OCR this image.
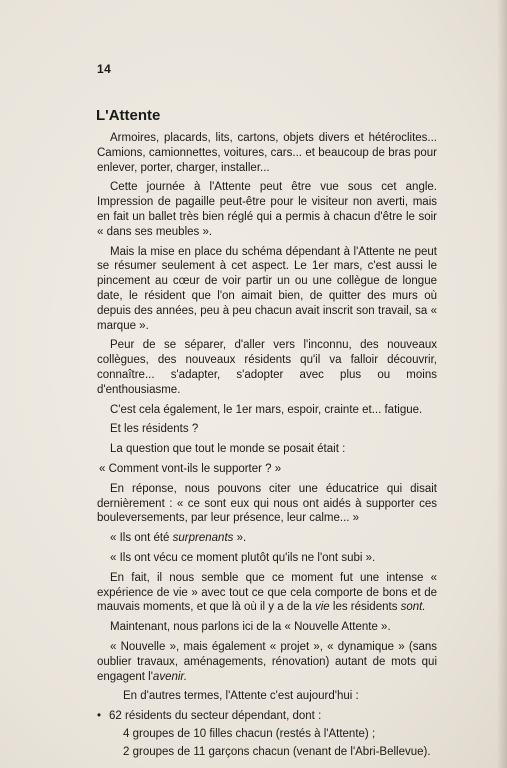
14
L'Attente

Armoires, placards, lits, cartons, objets divers et hétéroclites... Camions, camionnettes, voitures, cars... et beaucoup de bras pour enlever, porter, charger, installer...

Cette journée à l'Attente peut être vue sous cet angle. Impression de pagaille peut-être pour le visiteur non averti, mais en fait un ballet très bien réglé qui a permis à chacun d'être le soir « dans ses meubles ».

Mais la mise en place du schéma dépendant à l'Attente ne peut se résumer seulement à cet aspect. Le 1er mars, c'est aussi le pincement au cœur de voir partir un ou une collègue de longue date, le résident que l'on aimait bien, de quitter des murs où depuis des années, peu à peu chacun avait inscrit son travail, sa « marque ».

Peur de se séparer, d'aller vers l'inconnu, des nouveaux collègues, des nouveaux résidents qu'il va falloir découvrir, connaître... s'adapter, s'adopter avec plus ou moins d'enthousiasme.

C'est cela également, le 1er mars, espoir, crainte et... fatigue.

Et les résidents ?

La question que tout le monde se posait était :

« Comment vont-ils le supporter ? »

En réponse, nous pouvons citer une éducatrice qui disait dernièrement : « ce sont eux qui nous ont aidés à supporter ces bouleversements, par leur présence, leur calme... »

« Ils ont été surprenants ».

« Ils ont vécu ce moment plutôt qu'ils ne l'ont subi ».

En fait, il nous semble que ce moment fut une intense « expérience de vie » avec tout ce que cela comporte de bons et de mauvais moments, et que là où il y a de la vie les résidents sont.

Maintenant, nous parlons ici de la « Nouvelle Attente ».

« Nouvelle », mais également « projet », « dynamique » (sans oublier travaux, aménagements, rénovation) autant de mots qui engagent l'avenir.

En d'autres termes, l'Attente c'est aujourd'hui :

• 62 résidents du secteur dépendant, dont :

4 groupes de 10 filles chacun (restés à l'Attente) ;

2 groupes de 11 garçons chacun (venant de l'Abri-Bellevue).
